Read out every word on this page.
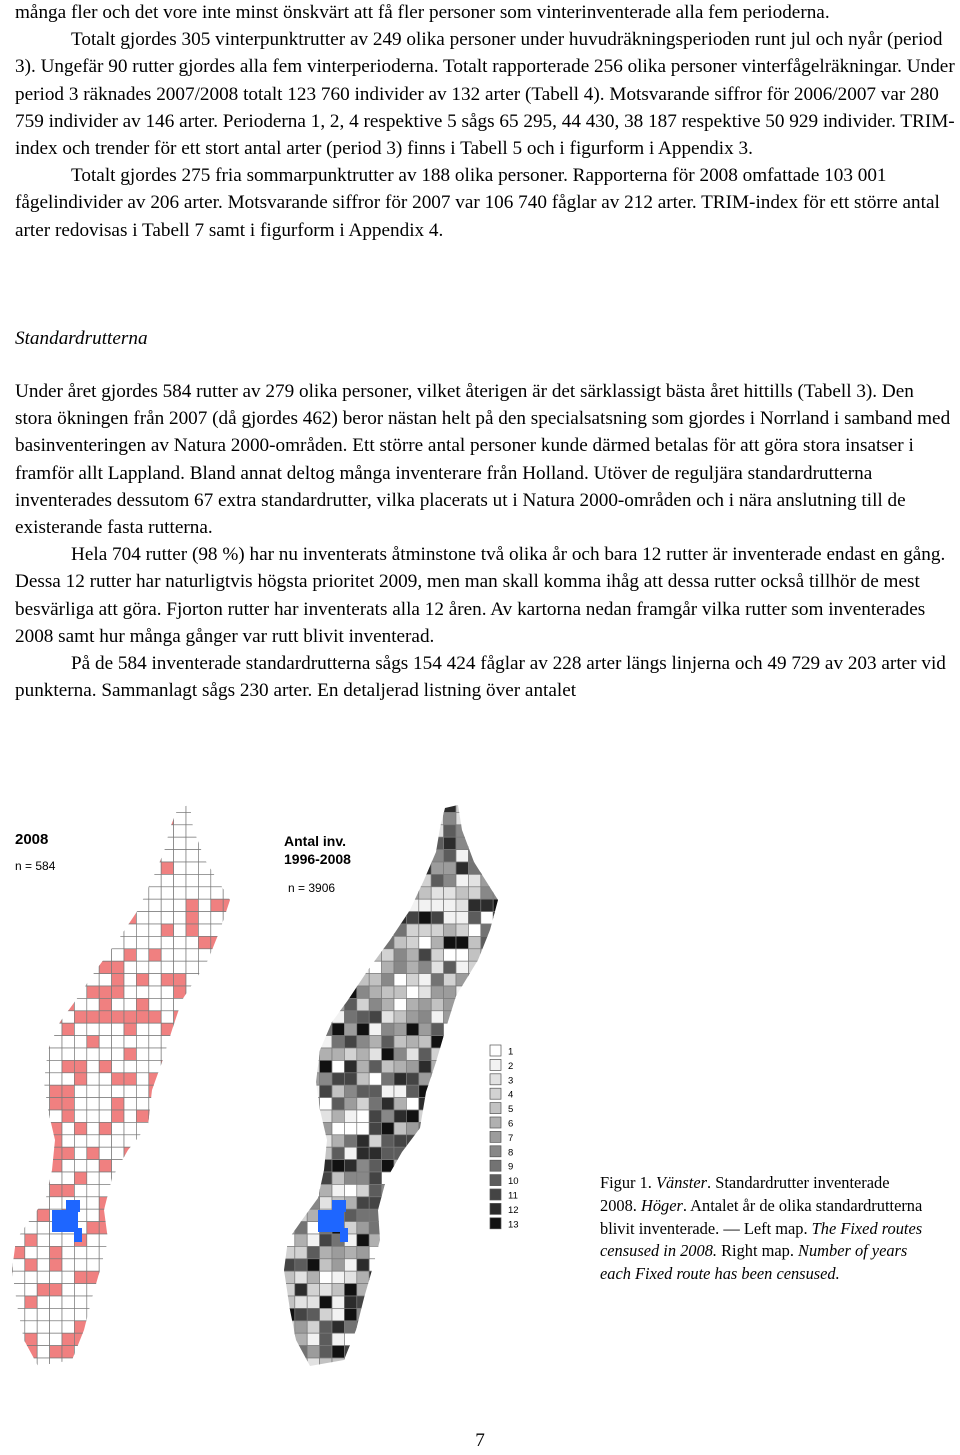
många fler och det vore inte minst önskvärt att få fler personer som vinterinventerade alla fem perioderna.

Totalt gjordes 305 vinterpunktrutter av 249 olika personer under huvudräkningsperioden runt jul och nyår (period 3). Ungefär 90 rutter gjordes alla fem vinterperioderna. Totalt rapporterade 256 olika personer vinterfågelräkningar. Under period 3 räknades 2007/2008 totalt 123 760 individer av 132 arter (Tabell 4). Motsvarande siffror för 2006/2007 var 280 759 individer av 146 arter. Perioderna 1, 2, 4 respektive 5 sågs 65 295, 44 430, 38 187 respektive 50 929 individer. TRIM-index och trender för ett stort antal arter (period 3) finns i Tabell 5 och i figurform i Appendix 3.

Totalt gjordes 275 fria sommarpunktrutter av 188 olika personer. Rapporterna för 2008 omfattade 103 001 fågelindivider av 206 arter. Motsvarande siffror för 2007 var 106 740 fåglar av 212 arter. TRIM-index för ett större antal arter redovisas i Tabell 7 samt i figurform i Appendix 4.

Standardrutterna

Under året gjordes 584 rutter av 279 olika personer, vilket återigen är det särklassigt bästa året hittills (Tabell 3). Den stora ökningen från 2007 (då gjordes 462) beror nästan helt på den specialsatsning som gjordes i Norrland i samband med basinventeringen av Natura 2000-områden. Ett större antal personer kunde därmed betalas för att göra stora insatser i framför allt Lappland. Bland annat deltog många inventerare från Holland. Utöver de reguljära standardrutterna inventerades dessutom 67 extra standardrutter, vilka placerats ut i Natura 2000-områden och i nära anslutning till de existerande fasta rutterna.

Hela 704 rutter (98 %) har nu inventerats åtminstone två olika år och bara 12 rutter är inventerade endast en gång. Dessa 12 rutter har naturligtvis högsta prioritet 2009, men man skall komma ihåg att dessa rutter också tillhör de mest besvärliga att göra. Fjorton rutter har inventerats alla 12 åren. Av kartorna nedan framgår vilka rutter som inventerades 2008 samt hur många gånger var rutt blivit inventerad.

På de 584 inventerade standardrutterna sågs 154 424 fåglar av 228 arter längs linjerna och 49 729 av 203 arter vid punkterna. Sammanlagt sågs 230 arter. En detaljerad listning över antalet

2008
n = 584
Antal inv.
1996-2008
n = 3906
1
2
3
4
5
6
7
8
9
10
11
12
13
Figur 1. Vänster. Standardrutter inventerade 2008. Höger. Antalet år de olika standardrutterna blivit inventerade. — Left map. The Fixed routes censused in 2008. Right map. Number of years each Fixed route has been censused.
7
